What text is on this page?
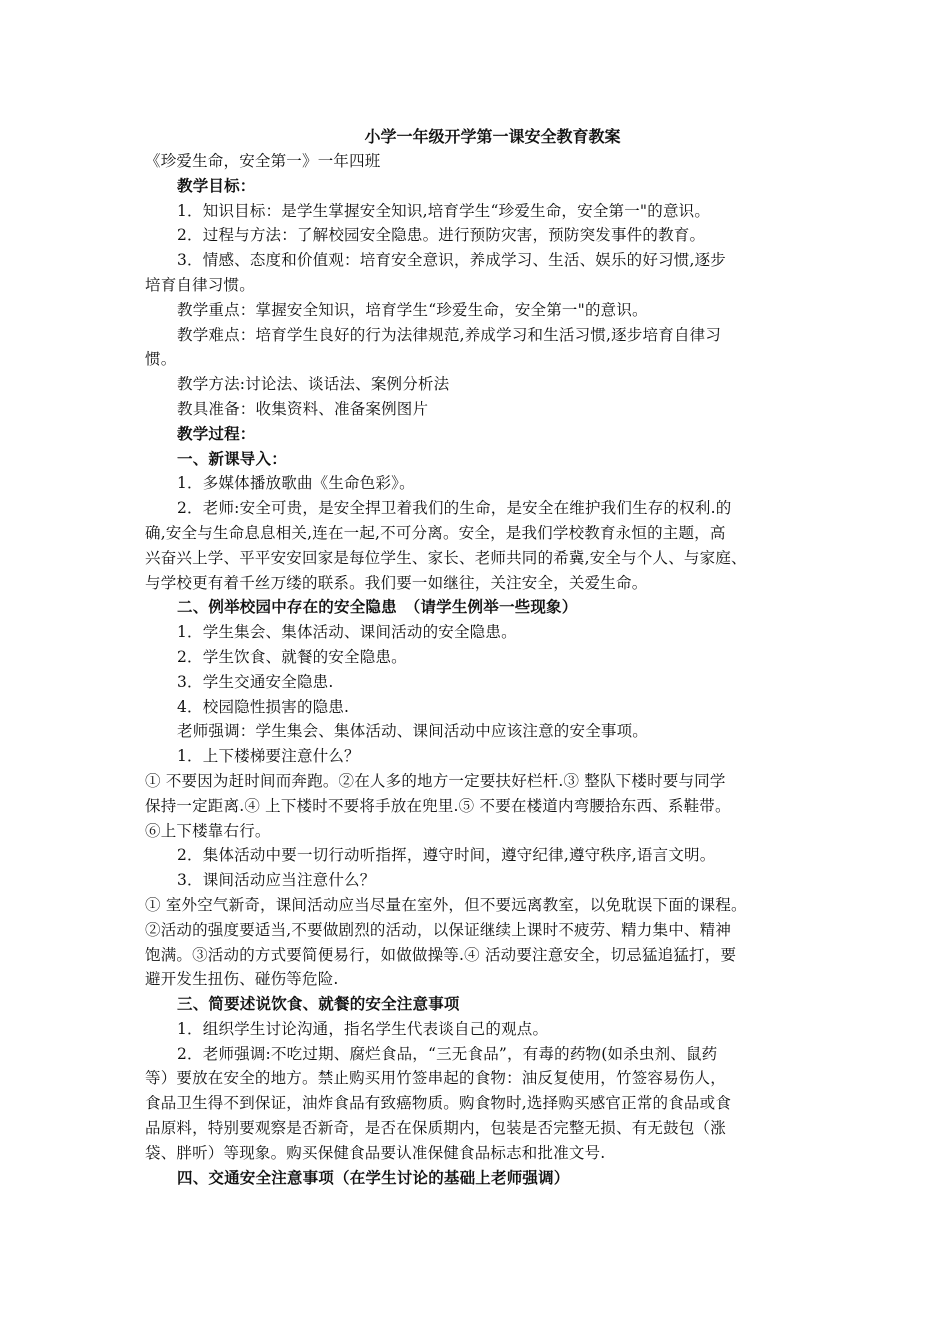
小学一年级开学第一课安全教育教案

《珍爱生命，安全第一》一年四班

教学目标：

1．知识目标：是学生掌握安全知识,培育学生“珍爱生命，安全第一"的意识。

2．过程与方法：了解校园安全隐患。进行预防灾害，预防突发事件的教育。

3．情感、态度和价值观：培育安全意识，养成学习、生活、娱乐的好习惯,逐步

培育自律习惯。

教学重点：掌握安全知识，培育学生“珍爱生命，安全第一"的意识。

教学难点：培育学生良好的行为法律规范,养成学习和生活习惯,逐步培育自律习

惯。

教学方法:讨论法、谈话法、案例分析法

教具准备：收集资料、准备案例图片

教学过程：

一、新课导入：

1．多媒体播放歌曲《生命色彩》。

2．老师:安全可贵，是安全捍卫着我们的生命，是安全在维护我们生存的权利.的

确,安全与生命息息相关,连在一起,不可分离。安全，是我们学校教育永恒的主题，高

兴奋兴上学、平平安安回家是每位学生、家长、老师共同的希冀,安全与个人、与家庭、

与学校更有着千丝万缕的联系。我们要一如继往，关注安全，关爱生命。

二、例举校园中存在的安全隐患　（请学生例举一些现象）

1．学生集会、集体活动、课间活动的安全隐患。

2．学生饮食、就餐的安全隐患。

3．学生交通安全隐患.

4．校园隐性损害的隐患.

老师强调：学生集会、集体活动、课间活动中应该注意的安全事项。

1．上下楼梯要注意什么？

① 不要因为赶时间而奔跑。②在人多的地方一定要扶好栏杆.③ 整队下楼时要与同学

保持一定距离.④ 上下楼时不要将手放在兜里.⑤ 不要在楼道内弯腰拾东西、系鞋带。

⑥上下楼靠右行。

2．集体活动中要一切行动听指挥，遵守时间，遵守纪律,遵守秩序,语言文明。

3．课间活动应当注意什么？

① 室外空气新奇，课间活动应当尽量在室外，但不要远离教室，以免耽误下面的课程。

②活动的强度要适当,不要做剧烈的活动，以保证继续上课时不疲劳、精力集中、精神

饱满。③活动的方式要简便易行，如做做操等.④ 活动要注意安全，切忌猛追猛打，要

避开发生扭伤、碰伤等危险.

三、简要述说饮食、就餐的安全注意事项

1．组织学生讨论沟通，指名学生代表谈自己的观点。

2．老师强调:不吃过期、腐烂食品，“三无食品”，有毒的药物(如杀虫剂、鼠药

等）要放在安全的地方。禁止购买用竹签串起的食物：油反复使用，竹签容易伤人，

食品卫生得不到保证，油炸食品有致癌物质。购食物时,选择购买感官正常的食品或食

品原料，特别要观察是否新奇，是否在保质期内，包装是否完整无损、有无鼓包（涨

袋、胖听）等现象。购买保健食品要认准保健食品标志和批准文号.

四、交通安全注意事项（在学生讨论的基础上老师强调）
